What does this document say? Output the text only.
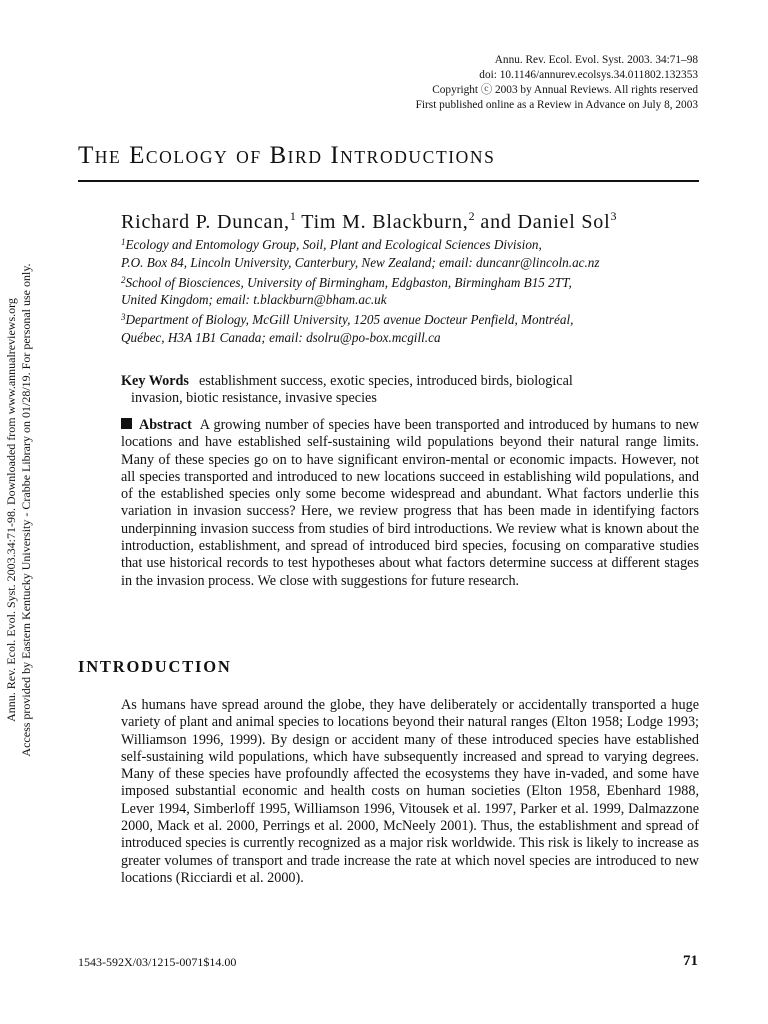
Annu. Rev. Ecol. Evol. Syst. 2003. 34:71–98
doi: 10.1146/annurev.ecolsys.34.011802.132353
Copyright ⓒ 2003 by Annual Reviews. All rights reserved
First published online as a Review in Advance on July 8, 2003
THE ECOLOGY OF BIRD INTRODUCTIONS
Richard P. Duncan,$^1$ Tim M. Blackburn,$^2$ and Daniel Sol$^3$
$^1$Ecology and Entomology Group, Soil, Plant and Ecological Sciences Division,
P.O. Box 84, Lincoln University, Canterbury, New Zealand; email: duncanr@lincoln.ac.nz
$^2$School of Biosciences, University of Birmingham, Edgbaston, Birmingham B15 2TT,
United Kingdom; email: t.blackburn@bham.ac.uk
$^3$Department of Biology, McGill University, 1205 avenue Docteur Penfield, Montréal,
Québec, H3A 1B1 Canada; email: dsolru@po-box.mcgill.ca
Key Words establishment success, exotic species, introduced birds, biological
invasion, biotic resistance, invasive species
Abstract A growing number of species have been transported and introduced by humans to new locations and have established self-sustaining wild populations beyond their natural range limits. Many of these species go on to have significant environ-mental or economic impacts. However, not all species transported and introduced to new locations succeed in establishing wild populations, and of the established species only some become widespread and abundant. What factors underlie this variation in invasion success? Here, we review progress that has been made in identifying factors underpinning invasion success from studies of bird introductions. We review what is known about the introduction, establishment, and spread of introduced bird species, focusing on comparative studies that use historical records to test hypotheses about what factors determine success at different stages in the invasion process. We close with suggestions for future research.
INTRODUCTION
As humans have spread around the globe, they have deliberately or accidentally transported a huge variety of plant and animal species to locations beyond their natural ranges (Elton 1958; Lodge 1993; Williamson 1996, 1999). By design or accident many of these introduced species have established self-sustaining wild populations, which have subsequently increased and spread to varying degrees. Many of these species have profoundly affected the ecosystems they have in-vaded, and some have imposed substantial economic and health costs on human societies (Elton 1958, Ebenhard 1988, Lever 1994, Simberloff 1995, Williamson 1996, Vitousek et al. 1997, Parker et al. 1999, Dalmazzone 2000, Mack et al. 2000, Perrings et al. 2000, McNeely 2001). Thus, the establishment and spread of introduced species is currently recognized as a major risk worldwide. This risk is likely to increase as greater volumes of transport and trade increase the rate at which novel species are introduced to new locations (Ricciardi et al. 2000).
1543-592X/03/1215-0071$14.00	71
Annu. Rev. Ecol. Evol. Syst. 2003.34:71-98. Downloaded from www.annualreviews.org Access provided by Eastern Kentucky University - Crabbe Library on 01/28/19. For personal use only.
